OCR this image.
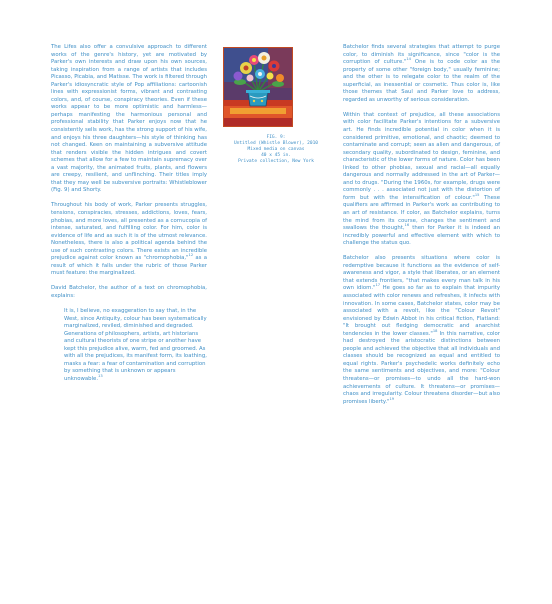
The Lifes also offer a convulsive approach to different works of the genre's history, yet are motivated by Parker's own interests and draw upon his own sources, taking inspiration from a range of artists that includes Picasso, Picabia, and Matisse. The work is filtered through Parker's idiosyncratic style of Pop affiliations: cartoonish lines with expressionist forms, vibrant and contrasting colors, and, of course, conspiracy theories. Even if these works appear to be more optimistic and harmless—perhaps manifesting the harmonious personal and professional stability that Parker enjoys now that he consistently sells work, has the strong support of his wife, and enjoys his three daughters—his style of thinking has not changed. Keen on maintaining a subversive attitude that renders visible the hidden intrigues and covert schemes that allow for a few to maintain supremacy over a vast majority, the animated fruits, plants, and flowers are creepy, resilient, and unflinching. Their titles imply that they may well be subversive portraits: Whistleblower (Fig. 9) and Shorty.

Throughout his body of work, Parker presents struggles, tensions, conspiracies, stresses, addictions, loves, fears, phobias, and more loves, all presented as a cornucopia of intense, saturated, and fulfilling color. For him, color is evidence of life and as such it is of the utmost relevance. Nonetheless, there is also a political agenda behind the use of such contrasting colors. There exists an incredible prejudice against color known as "chromophobia,"$^{12}$ as a result of which it falls under the rubric of those Parker must feature: the marginalized.

David Batchelor, the author of a text on chromophobia, explains:

It is, I believe, no exaggeration to say that, in the West, since Antiquity, colour has been systematically marginalized, reviled, diminished and degraded. Generations of philosophers, artists, art historians and cultural theorists of one stripe or another have kept this prejudice alive, warm, fed and groomed. As with all the prejudices, its manifest form, its loathing, masks a fear: a fear of contamination and corruption by something that is unknown or appears unknowable.$^{13}$

FIG. 9:
Untitled (Whistle Blower), 2010
Mixed media on canvas
40 x 45 in.
Private collection, New York

Batchelor finds several strategies that attempt to purge color, to diminish its significance, since "color is the corruption of culture."$^{14}$ One is to code color as the property of some other "foreign body," usually feminine; and the other is to relegate color to the realm of the superficial, as inessential or cosmetic. Thus color is, like those themes that Saul and Parker love to address, regarded as unworthy of serious consideration.

Within that context of prejudice, all these associations with color facilitate Parker's intentions for a subversive art. He finds incredible potential in color when it is considered primitive, emotional, and chaotic; deemed to contaminate and corrupt; seen as alien and dangerous, of secondary quality, subordinated to design, feminine, and characteristic of the lower forms of nature. Color has been linked to other phobias, sexual and racial—all equally dangerous and normally addressed in the art of Parker—and to drugs. "During the 1960s, for example, drugs were commonly . . . associated not just with the distortion of form but with the intensification of colour."$^{15}$ These qualifiers are affirmed in Parker's work as contributing to an art of resistance. If color, as Batchelor explains, turns the mind from its course, changes the sentiment and swallows the thought,$^{16}$ then for Parker it is indeed an incredibly powerful and effective element with which to challenge the status quo.

Batchelor also presents situations where color is redemptive because it functions as the evidence of self-awareness and vigor, a style that liberates, or an element that extends frontiers, "that makes every man talk in his own idiom."$^{17}$ He goes so far as to explain that impurity associated with color renews and refreshes, it infects with innovation. In some cases, Batchelor states, color may be associated with a revolt, like the "Colour Revolt" envisioned by Edwin Abbot in his critical fiction, Flatland: "It brought out fledging democratic and anarchist tendencies in the lower classes."$^{18}$ In this narrative, color had destroyed the aristocratic distinctions between people and achieved the objective that all individuals and classes should be recognized as equal and entitled to equal rights. Parker's psychedelic works definitely echo the same sentiments and objectives, and more: "Colour threatens—or promises—to undo all the hard-won achievements of culture. It threatens—or promises—chaos and irregularity. Colour threatens disorder—but also promises liberty."$^{19}$
